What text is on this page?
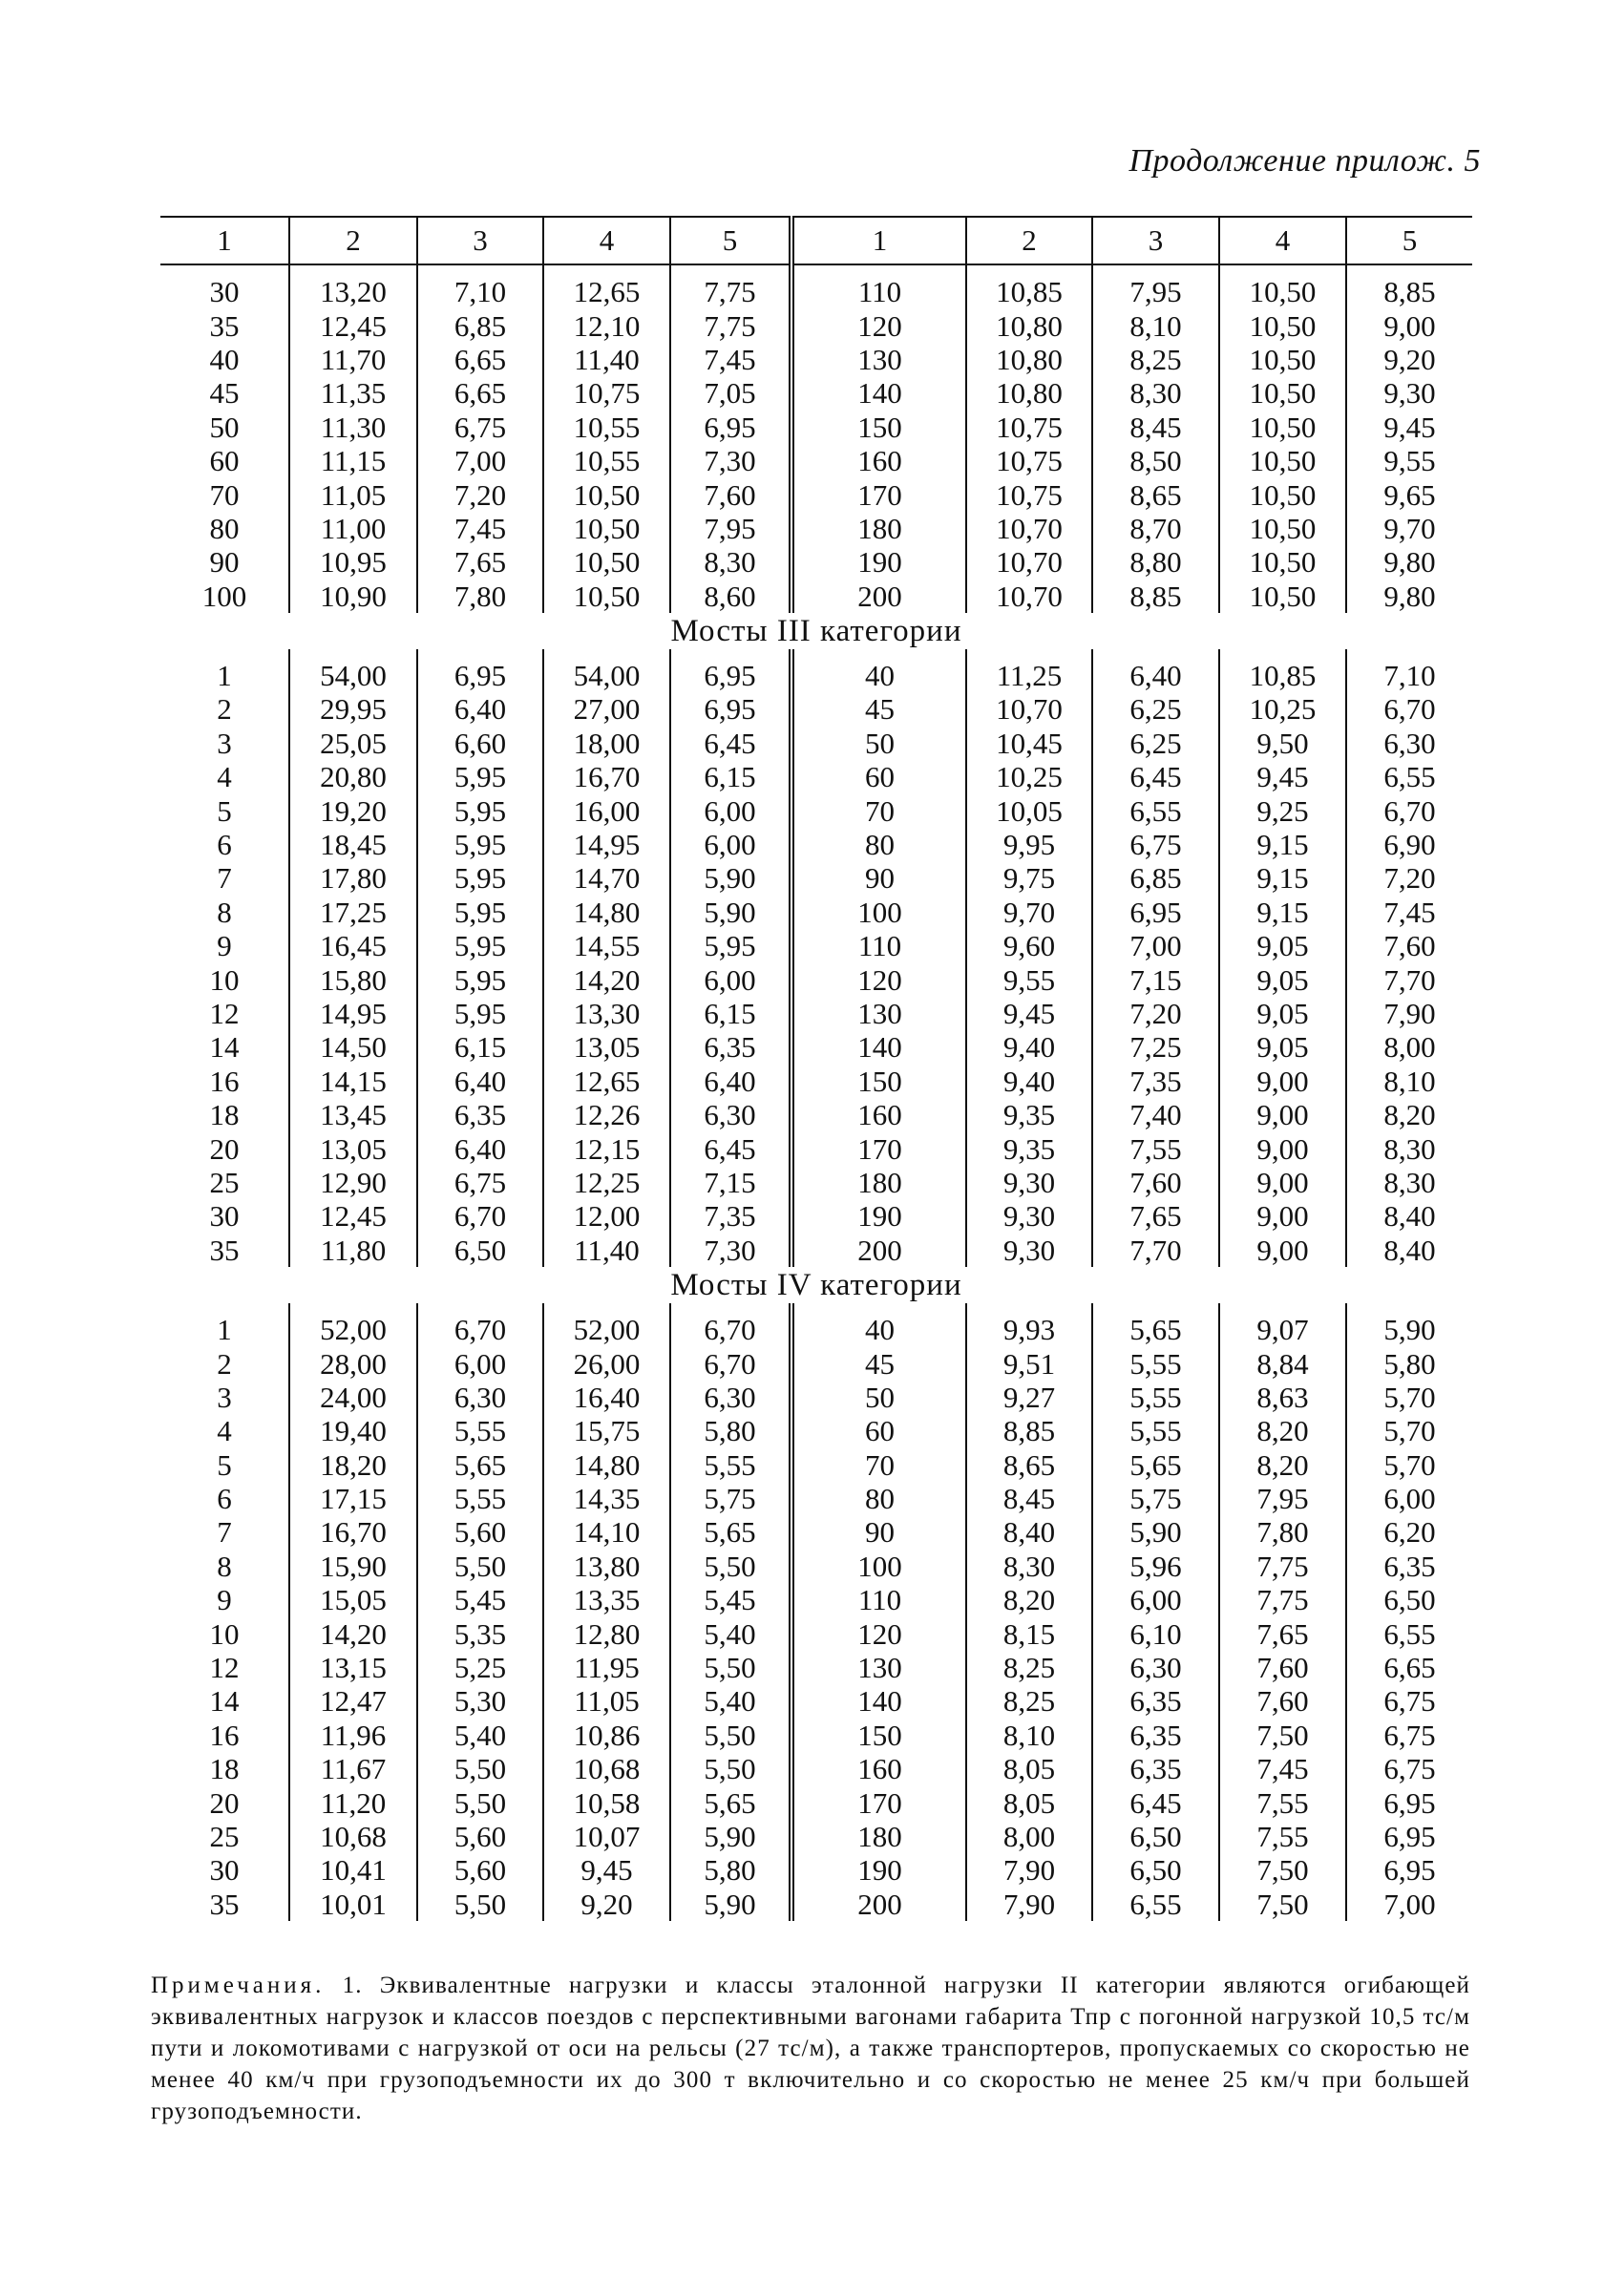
Продолжение прилож. 5
1	2	3	4	5	1	2	3	4	5
30	13,20	7,10	12,65	7,75	110	10,85	7,95	10,50	8,85
35	12,45	6,85	12,10	7,75	120	10,80	8,10	10,50	9,00
40	11,70	6,65	11,40	7,45	130	10,80	8,25	10,50	9,20
45	11,35	6,65	10,75	7,05	140	10,80	8,30	10,50	9,30
50	11,30	6,75	10,55	6,95	150	10,75	8,45	10,50	9,45
60	11,15	7,00	10,55	7,30	160	10,75	8,50	10,50	9,55
70	11,05	7,20	10,50	7,60	170	10,75	8,65	10,50	9,65
80	11,00	7,45	10,50	7,95	180	10,70	8,70	10,50	9,70
90	10,95	7,65	10,50	8,30	190	10,70	8,80	10,50	9,80
100	10,90	7,80	10,50	8,60	200	10,70	8,85	10,50	9,80
Мосты III категории									
1	54,00	6,95	54,00	6,95	40	11,25	6,40	10,85	7,10
2	29,95	6,40	27,00	6,95	45	10,70	6,25	10,25	6,70
3	25,05	6,60	18,00	6,45	50	10,45	6,25	9,50	6,30
4	20,80	5,95	16,70	6,15	60	10,25	6,45	9,45	6,55
5	19,20	5,95	16,00	6,00	70	10,05	6,55	9,25	6,70
6	18,45	5,95	14,95	6,00	80	9,95	6,75	9,15	6,90
7	17,80	5,95	14,70	5,90	90	9,75	6,85	9,15	7,20
8	17,25	5,95	14,80	5,90	100	9,70	6,95	9,15	7,45
9	16,45	5,95	14,55	5,95	110	9,60	7,00	9,05	7,60
10	15,80	5,95	14,20	6,00	120	9,55	7,15	9,05	7,70
12	14,95	5,95	13,30	6,15	130	9,45	7,20	9,05	7,90
14	14,50	6,15	13,05	6,35	140	9,40	7,25	9,05	8,00
16	14,15	6,40	12,65	6,40	150	9,40	7,35	9,00	8,10
18	13,45	6,35	12,26	6,30	160	9,35	7,40	9,00	8,20
20	13,05	6,40	12,15	6,45	170	9,35	7,55	9,00	8,30
25	12,90	6,75	12,25	7,15	180	9,30	7,60	9,00	8,30
30	12,45	6,70	12,00	7,35	190	9,30	7,65	9,00	8,40
35	11,80	6,50	11,40	7,30	200	9,30	7,70	9,00	8,40
Мосты IV категории									
1	52,00	6,70	52,00	6,70	40	9,93	5,65	9,07	5,90
2	28,00	6,00	26,00	6,70	45	9,51	5,55	8,84	5,80
3	24,00	6,30	16,40	6,30	50	9,27	5,55	8,63	5,70
4	19,40	5,55	15,75	5,80	60	8,85	5,55	8,20	5,70
5	18,20	5,65	14,80	5,55	70	8,65	5,65	8,20	5,70
6	17,15	5,55	14,35	5,75	80	8,45	5,75	7,95	6,00
7	16,70	5,60	14,10	5,65	90	8,40	5,90	7,80	6,20
8	15,90	5,50	13,80	5,50	100	8,30	5,96	7,75	6,35
9	15,05	5,45	13,35	5,45	110	8,20	6,00	7,75	6,50
10	14,20	5,35	12,80	5,40	120	8,15	6,10	7,65	6,55
12	13,15	5,25	11,95	5,50	130	8,25	6,30	7,60	6,65
14	12,47	5,30	11,05	5,40	140	8,25	6,35	7,60	6,75
16	11,96	5,40	10,86	5,50	150	8,10	6,35	7,50	6,75
18	11,67	5,50	10,68	5,50	160	8,05	6,35	7,45	6,75
20	11,20	5,50	10,58	5,65	170	8,05	6,45	7,55	6,95
25	10,68	5,60	10,07	5,90	180	8,00	6,50	7,55	6,95
30	10,41	5,60	9,45	5,80	190	7,90	6,50	7,50	6,95
35	10,01	5,50	9,20	5,90	200	7,90	6,55	7,50	7,00
Примечания. 1. Эквивалентные нагрузки и классы эталонной нагрузки II категории являются огибающей эквивалентных нагрузок и классов поездов с перспективными вагонами габарита Тпр с погонной нагрузкой 10,5 тс/м пути и локомотивами с нагрузкой от оси на рельсы (27 тс/м), а также транспортеров, пропускаемых со скоростью не менее 40 км/ч при грузоподъемности их до 300 т включительно и со скоростью не менее 25 км/ч при большей грузоподъемности.
